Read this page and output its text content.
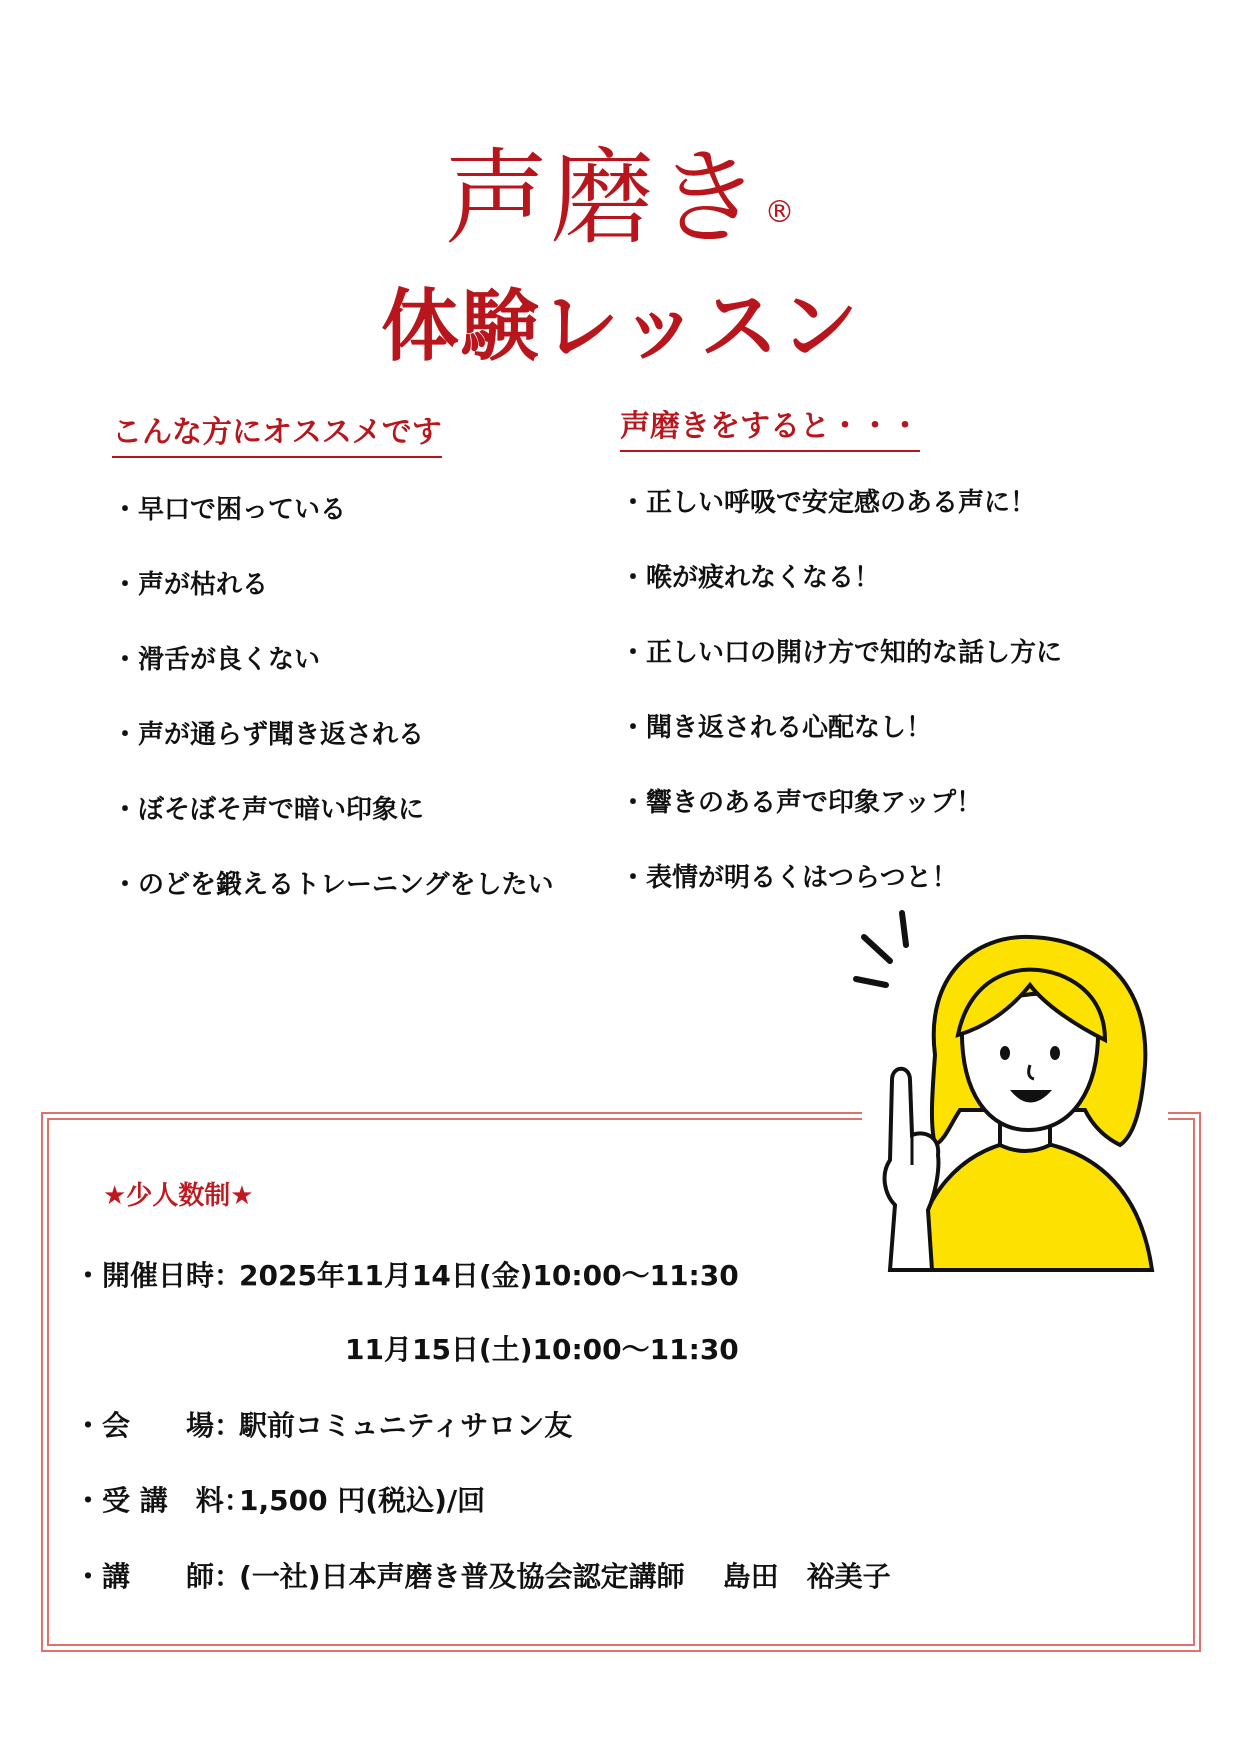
声磨き®
体験レッスン
こんな方にオススメです
・早口で困っている
・声が枯れる
・滑舌が良くない
・声が通らず聞き返される
・ぼそぼそ声で暗い印象に
・のどを鍛えるトレーニングをしたい
声磨きをすると・・・
・正しい呼吸で安定感のある声に！
・喉が疲れなくなる！
・正しい口の開け方で知的な話し方に
・聞き返される心配なし！
・響きのある声で印象アップ！
・表情が明るくはつらつと！
★少人数制★
・開催日時：2025年11月14日(金)10:00～11:30
11月15日(土)10:00～11:30
・会　　場：駅前コミュニティサロン友
・受 講　料：1,500 円(税込)/回
・講　　師：(一社)日本声磨き普及協会認定講師 島田　裕美子
